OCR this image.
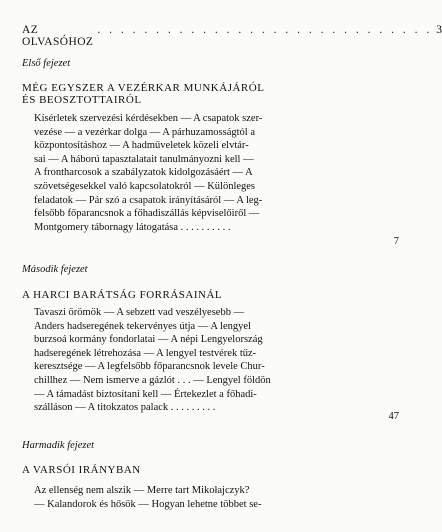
AZ OLVASÓHOZ
. . . . . . . . . . . . . . . . . . . . . . . . . . . . . 3
Első fejezet
MÉG EGYSZER A VEZÉRKAR MUNKÁJÁRÓL
ÉS BEOSZTOTTAIRÓL
Kísérletek szervezési kérdésekben — A csapatok szer-
vezése — a vezérkar dolga — A párhuzamosságtól a
központosításhoz — A hadműveletek közeli elvtár-
sai — A háború tapasztalatait tanulmányozni kell —
A frontharcosok a szabályzatok kidolgozásáért — A
szövetségesekkel való kapcsolatokról — Különleges
feladatok — Pár szó a csapatok irányításáról — A leg-
felsőbb főparancsnok a főhadiszállás képviselőiről —
Montgomery tábornagy látogatása . . . . . . . . . .
7
Második fejezet
A HARCI BARÁTSÁG FORRÁSAINÁL
Tavaszi örömök — A sebzett vad veszélyesebb —
Anders hadseregének tekervényes útja — A lengyel
burzsoá kormány fondorlatai — A népi Lengyelország
hadseregének létrehozása — A lengyel testvérek tűz-
keresztsége — A legfelsőbb főparancsnok levele Chur-
chillhez — Nem ismerve a gázlót . . . — Lengyel földön
— A támadást biztosítani kell — Értekezlet a főhadi-
szálláson — A titokzatos palack . . . . . . . . .
47
Harmadik fejezet
A VARSÓI IRÁNYBAN
Az ellenség nem alszik — Merre tart Mikołajczyk?
— Kalandorok és hősök — Hogyan lehetne többet se-
